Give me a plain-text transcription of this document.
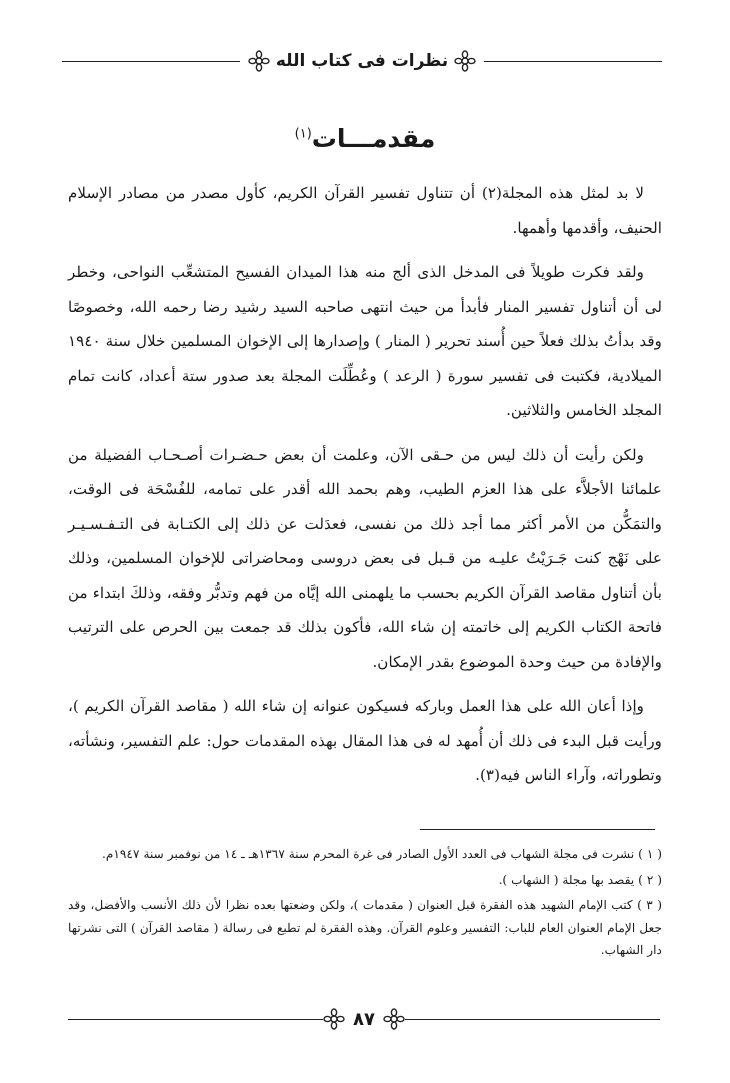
نظرات فى كتاب الله
مقدمـــات$^{(١)}$

لا بد لمثل هذه المجلة(٢) أن تتناول تفسير القرآن الكريم، كأول مصدر من مصادر الإسلام الحنيف، وأقدمها وأهمها.

ولقد فكرت طويلاً فى المدخل الذى ألج منه هذا الميدان الفسيح المتشعِّب النواحى، وخطر لى أن أتناول تفسير المنار فأبدأ من حيث انتهى صاحبه السيد رشيد رضا رحمه الله، وخصوصًا وقد بدأتُ بذلك فعلاً حين أُسند تحرير ( المنار ) وإصدارها إلى الإخوان المسلمين خلال سنة ١٩٤٠ الميلادية، فكتبت فى تفسير سورة ( الرعد ) وعُطِّلَت المجلة بعد صدور ستة أعداد، كانت تمام المجلد الخامس والثلاثين.

ولكن رأيت أن ذلك ليس من حـقى الآن، وعلمت أن بعض حـضـرات أصـحـاب الفضيلة من علمائنا الأجلاَّء على هذا العزم الطيب، وهم بحمد الله أقدر على تمامه، للفُسْحَة فى الوقت، والتمَكُّن من الأمر أكثر مما أجد ذلك من نفسى، فعدَلت عن ذلك إلى الكتـابة فى التـفـسـيـر على نَهْج كنت جَـرَيْتُ عليـه من قـبل فى بعض دروسى ومحاضراتى للإخوان المسلمين، وذلك بأن أتناول مقاصد القرآن الكريم بحسب ما يلهمنى الله إيَّاه من فهم وتدبُّر وفقه، وذلكَ ابتداء من فاتحة الكتاب الكريم إلى خاتمته إن شاء الله، فأكون بذلك قد جمعت بين الحرص على الترتيب والإفادة من حيث وحدة الموضوع بقدر الإمكان.

وإذا أعان الله على هذا العمل وباركه فسيكون عنوانه إن شاء الله ( مقاصد القرآن الكريم )، ورأيت قبل البدء فى ذلك أن أُمهد له فى هذا المقال بهذه المقدمات حول: علم التفسير، ونشأته، وتطوراته، وآراء الناس فيه(٣).

( ١ ) نشرت فى مجلة الشهاب فى العدد الأول الصادر فى غرة المحرم سنة ١٣٦٧هـ ـ ١٤ من نوفمبر سنة ١٩٤٧م.

( ٢ ) يقصد بها مجلة ( الشهاب ).

( ٣ ) كتب الإمام الشهيد هذه الفقرة قبل العنوان ( مقدمات )، ولكن وضعتها بعده نظرا لأن ذلك الأنسب والأفضل، وقد جعل الإمام العنوان العام للباب: التفسير وعلوم القرآن. وهذه الفقرة لم تطبع فى رسالة ( مقاصد القرآن ) التى نشرتها دار الشهاب.

٨٧
